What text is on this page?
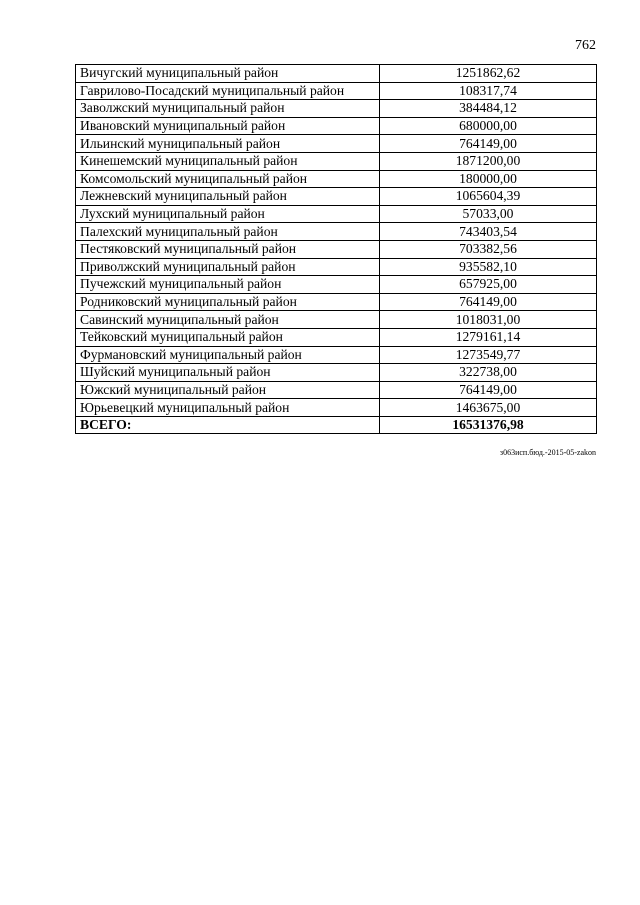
762
Вичугский муниципальный район	1251862,62
Гаврилово-Посадский муниципальный район	108317,74
Заволжский муниципальный район	384484,12
Ивановский муниципальный район	680000,00
Ильинский муниципальный район	764149,00
Кинешемский муниципальный район	1871200,00
Комсомольский муниципальный район	180000,00
Лежневский муниципальный район	1065604,39
Лухский муниципальный район	57033,00
Палехский муниципальный район	743403,54
Пестяковский муниципальный район	703382,56
Приволжский муниципальный район	935582,10
Пучежский муниципальный район	657925,00
Родниковский муниципальный район	764149,00
Савинский муниципальный район	1018031,00
Тейковский муниципальный район	1279161,14
Фурмановский муниципальный район	1273549,77
Шуйский муниципальный район	322738,00
Южский муниципальный район	764149,00
Юрьевецкий муниципальный район	1463675,00
ВСЕГО:	16531376,98
з063исп.бюд.-2015-05-zakon
